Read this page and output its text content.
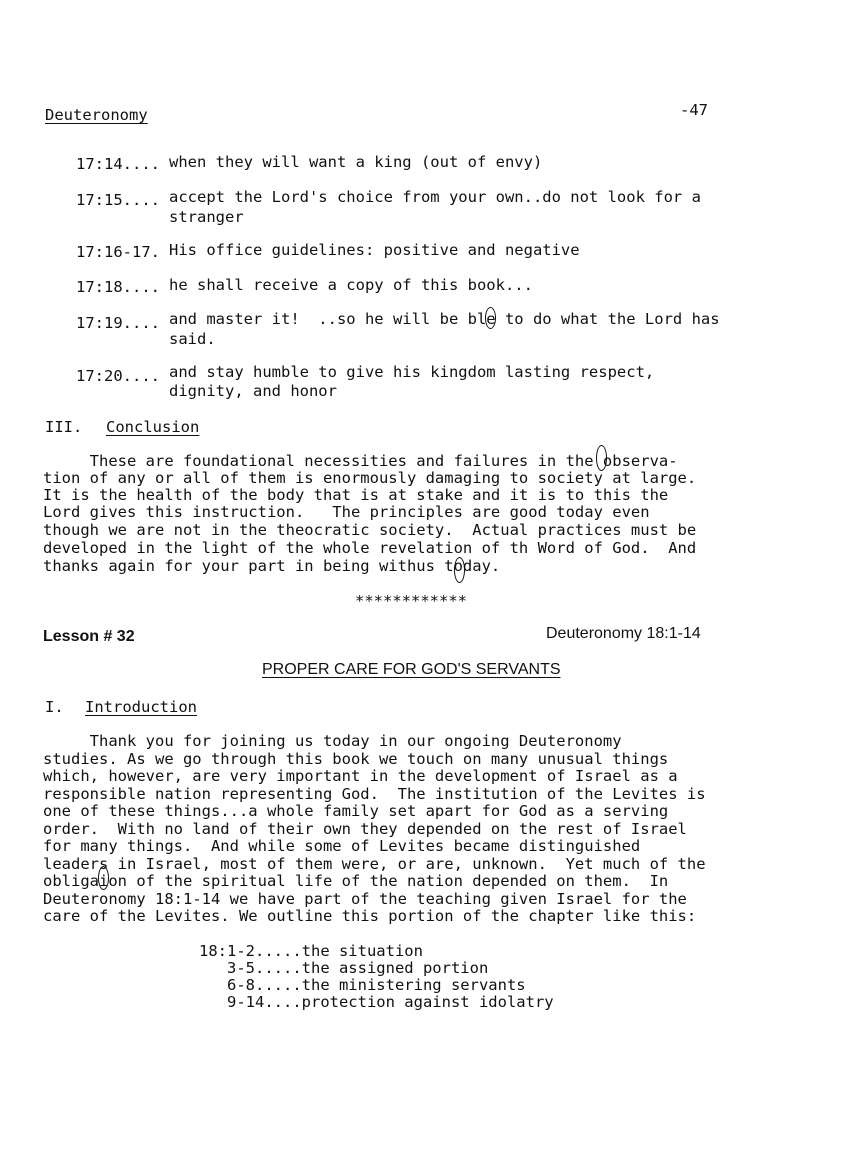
Deuteronomy	-47
17:14.... when they will want a king (out of envy)
17:15.... accept the Lord's choice from your own..do not look for a
stranger
17:16-17. His office guidelines: positive and negative
17:18.... he shall receive a copy of this book...
17:19.... and master it!  ..so he will be ble to do what the Lord has
said.
17:20.... and stay humble to give his kingdom lasting respect,
dignity, and honor
III. Conclusion
These are foundational necessities and failures in the observa-
tion of any or all of them is enormously damaging to society at large.
It is the health of the body that is at stake and it is to this the
Lord gives this instruction.   The principles are good today even
though we are not in the theocratic society.  Actual practices must be
developed in the light of the whole revelation of th Word of God.  And
thanks again for your part in being withus today.
************
Lesson # 32	Deuteronomy 18:1-14
PROPER CARE FOR GOD'S SERVANTS
I. Introduction
Thank you for joining us today in our ongoing Deuteronomy
studies. As we go through this book we touch on many unusual things
which, however, are very important in the development of Israel as a
responsible nation representing God.  The institution of the Levites is
one of these things...a whole family set apart for God as a serving
order.  With no land of their own they depended on the rest of Israel
for many things.  And while some of Levites became distinguished
leaders in Israel, most of them were, or are, unknown.  Yet much of the
obligaion of the spiritual life of the nation depended on them.  In
Deuteronomy 18:1-14 we have part of the teaching given Israel for the
care of the Levites. We outline this portion of the chapter like this:
18:1-2.....the situation
3-5.....the assigned portion
6-8.....the ministering servants
9-14....protection against idolatry
